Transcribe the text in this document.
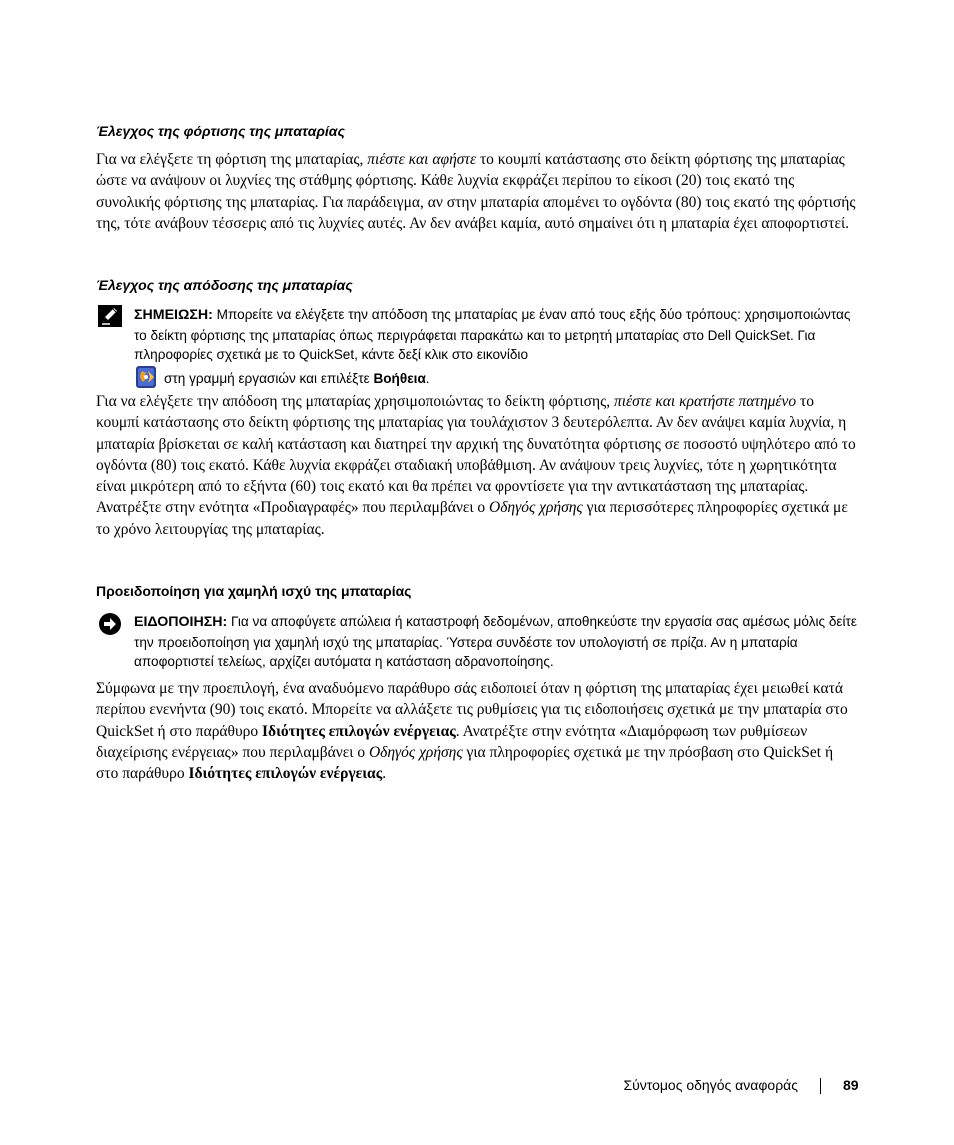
Έλεγχος της φόρτισης της μπαταρίας
Για να ελέγξετε τη φόρτιση της μπαταρίας, πιέστε και αφήστε το κουμπί κατάστασης στο δείκτη φόρτισης της μπαταρίας ώστε να ανάψουν οι λυχνίες της στάθμης φόρτισης. Κάθε λυχνία εκφράζει περίπου το είκοσι (20) τοις εκατό της συνολικής φόρτισης της μπαταρίας. Για παράδειγμα, αν στην μπαταρία απομένει το ογδόντα (80) τοις εκατό της φόρτισής της, τότε ανάβουν τέσσερις από τις λυχνίες αυτές. Αν δεν ανάβει καμία, αυτό σημαίνει ότι η μπαταρία έχει αποφορτιστεί.
Έλεγχος της απόδοσης της μπαταρίας
ΣΗΜΕΙΩΣΗ: Μπορείτε να ελέγξετε την απόδοση της μπαταρίας με έναν από τους εξής δύο τρόπους: χρησιμοποιώντας το δείκτη φόρτισης της μπαταρίας όπως περιγράφεται παρακάτω και το μετρητή μπαταρίας στο Dell QuickSet. Για πληροφορίες σχετικά με το QuickSet, κάντε δεξί κλικ στο εικονίδιο
στη γραμμή εργασιών και επιλέξτε Βοήθεια.
Για να ελέγξετε την απόδοση της μπαταρίας χρησιμοποιώντας το δείκτη φόρτισης, πιέστε και κρατήστε πατημένο το κουμπί κατάστασης στο δείκτη φόρτισης της μπαταρίας για τουλάχιστον 3 δευτερόλεπτα. Αν δεν ανάψει καμία λυχνία, η μπαταρία βρίσκεται σε καλή κατάσταση και διατηρεί την αρχική της δυνατότητα φόρτισης σε ποσοστό υψηλότερο από το ογδόντα (80) τοις εκατό. Κάθε λυχνία εκφράζει σταδιακή υποβάθμιση. Αν ανάψουν τρεις λυχνίες, τότε η χωρητικότητα είναι μικρότερη από το εξήντα (60) τοις εκατό και θα πρέπει να φροντίσετε για την αντικατάσταση της μπαταρίας. Ανατρέξτε στην ενότητα «Προδιαγραφές» που περιλαμβάνει ο Οδηγός χρήσης για περισσότερες πληροφορίες σχετικά με το χρόνο λειτουργίας της μπαταρίας.
Προειδοποίηση για χαμηλή ισχύ της μπαταρίας
ΕΙΔΟΠΟΙΗΣΗ: Για να αποφύγετε απώλεια ή καταστροφή δεδομένων, αποθηκεύστε την εργασία σας αμέσως μόλις δείτε την προειδοποίηση για χαμηλή ισχύ της μπαταρίας. Ύστερα συνδέστε τον υπολογιστή σε πρίζα. Αν η μπαταρία αποφορτιστεί τελείως, αρχίζει αυτόματα η κατάσταση αδρανοποίησης.
Σύμφωνα με την προεπιλογή, ένα αναδυόμενο παράθυρο σάς ειδοποιεί όταν η φόρτιση της μπαταρίας έχει μειωθεί κατά περίπου ενενήντα (90) τοις εκατό. Μπορείτε να αλλάξετε τις ρυθμίσεις για τις ειδοποιήσεις σχετικά με την μπαταρία στο QuickSet ή στο παράθυρο Ιδιότητες επιλογών ενέργειας. Ανατρέξτε στην ενότητα «Διαμόρφωση των ρυθμίσεων διαχείρισης ενέργειας» που περιλαμβάνει ο Οδηγός χρήσης για πληροφορίες σχετικά με την πρόσβαση στο QuickSet ή στο παράθυρο Ιδιότητες επιλογών ενέργειας.
Σύντομος οδηγός αναφοράς	89
